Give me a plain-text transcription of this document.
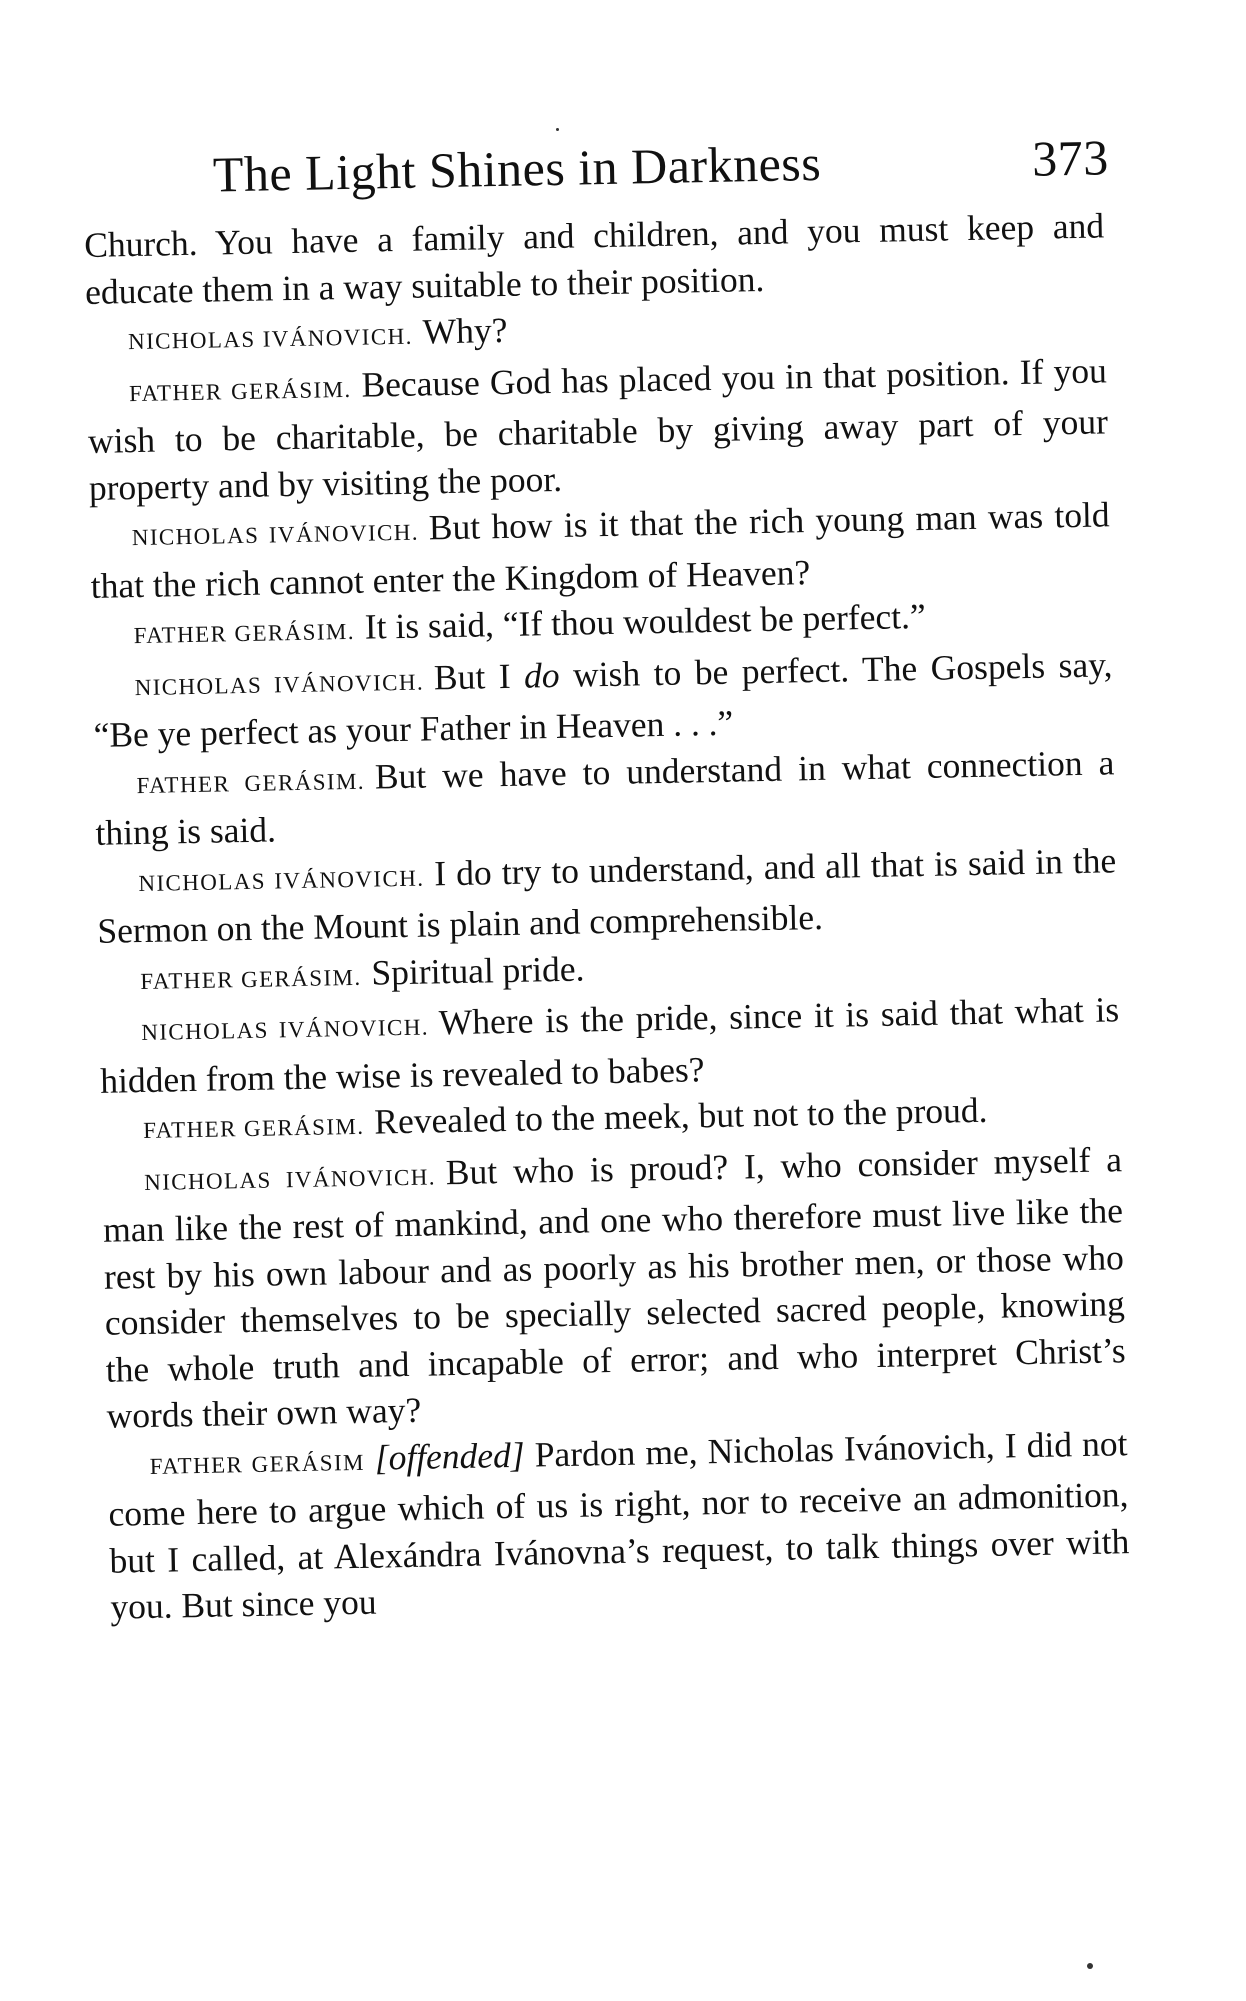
The Light Shines in Darkness	373

Church. You have a family and children, and you must keep and educate them in a way suitable to their position.

NICHOLAS IVÁNOVICH. Why?

FATHER GERÁSIM. Because God has placed you in that position. If you wish to be charitable, be charitable by giving away part of your property and by visiting the poor.

NICHOLAS IVÁNOVICH. But how is it that the rich young man was told that the rich cannot enter the Kingdom of Heaven?

FATHER GERÁSIM. It is said, “If thou wouldest be perfect.”

NICHOLAS IVÁNOVICH. But I do wish to be perfect. The Gospels say, “Be ye perfect as your Father in Heaven . . .”

FATHER GERÁSIM. But we have to understand in what connection a thing is said.

NICHOLAS IVÁNOVICH. I do try to understand, and all that is said in the Sermon on the Mount is plain and comprehensible.

FATHER GERÁSIM. Spiritual pride.

NICHOLAS IVÁNOVICH. Where is the pride, since it is said that what is hidden from the wise is revealed to babes?

FATHER GERÁSIM. Revealed to the meek, but not to the proud.

NICHOLAS IVÁNOVICH. But who is proud? I, who consider myself a man like the rest of mankind, and one who therefore must live like the rest by his own labour and as poorly as his brother men, or those who consider themselves to be specially selected sacred people, knowing the whole truth and incapable of error; and who interpret Christ’s words their own way?

FATHER GERÁSIM [offended] Pardon me, Nicholas Ivánovich, I did not come here to argue which of us is right, nor to receive an admonition, but I called, at Alexándra Ivánovna’s request, to talk things over with you. But since you
